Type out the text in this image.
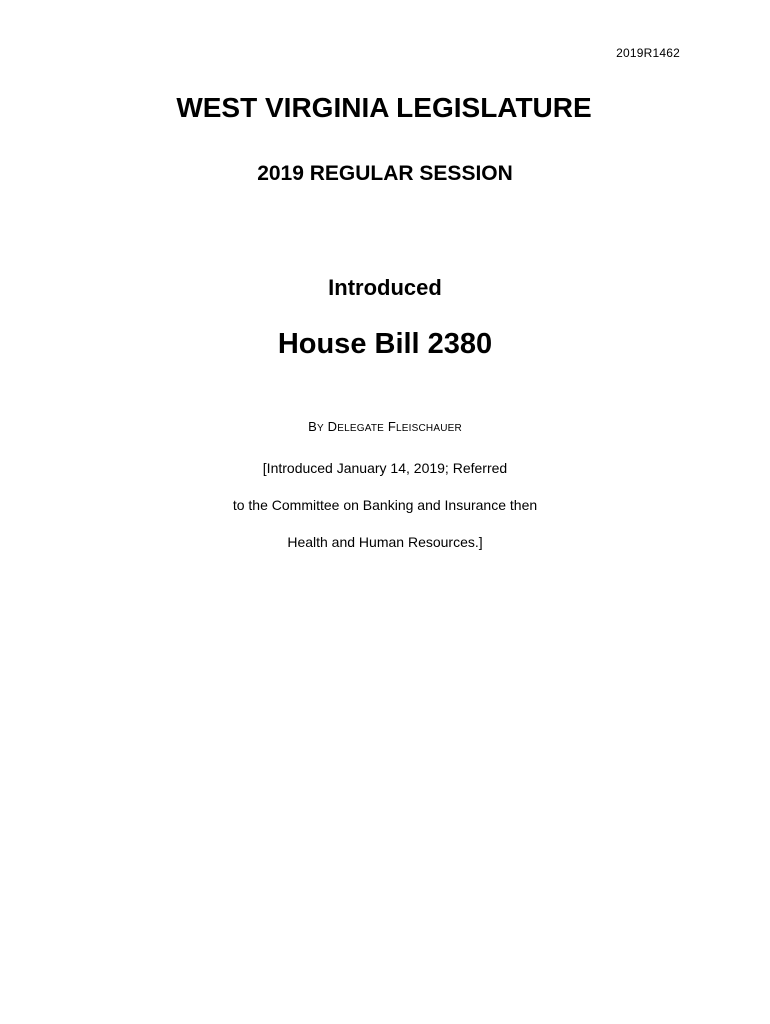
2019R1462
WEST VIRGINIA LEGISLATURE
2019 REGULAR SESSION
Introduced
House Bill 2380
BY DELEGATE FLEISCHAUER
[Introduced January 14, 2019; Referred
to the Committee on Banking and Insurance then
Health and Human Resources.]
